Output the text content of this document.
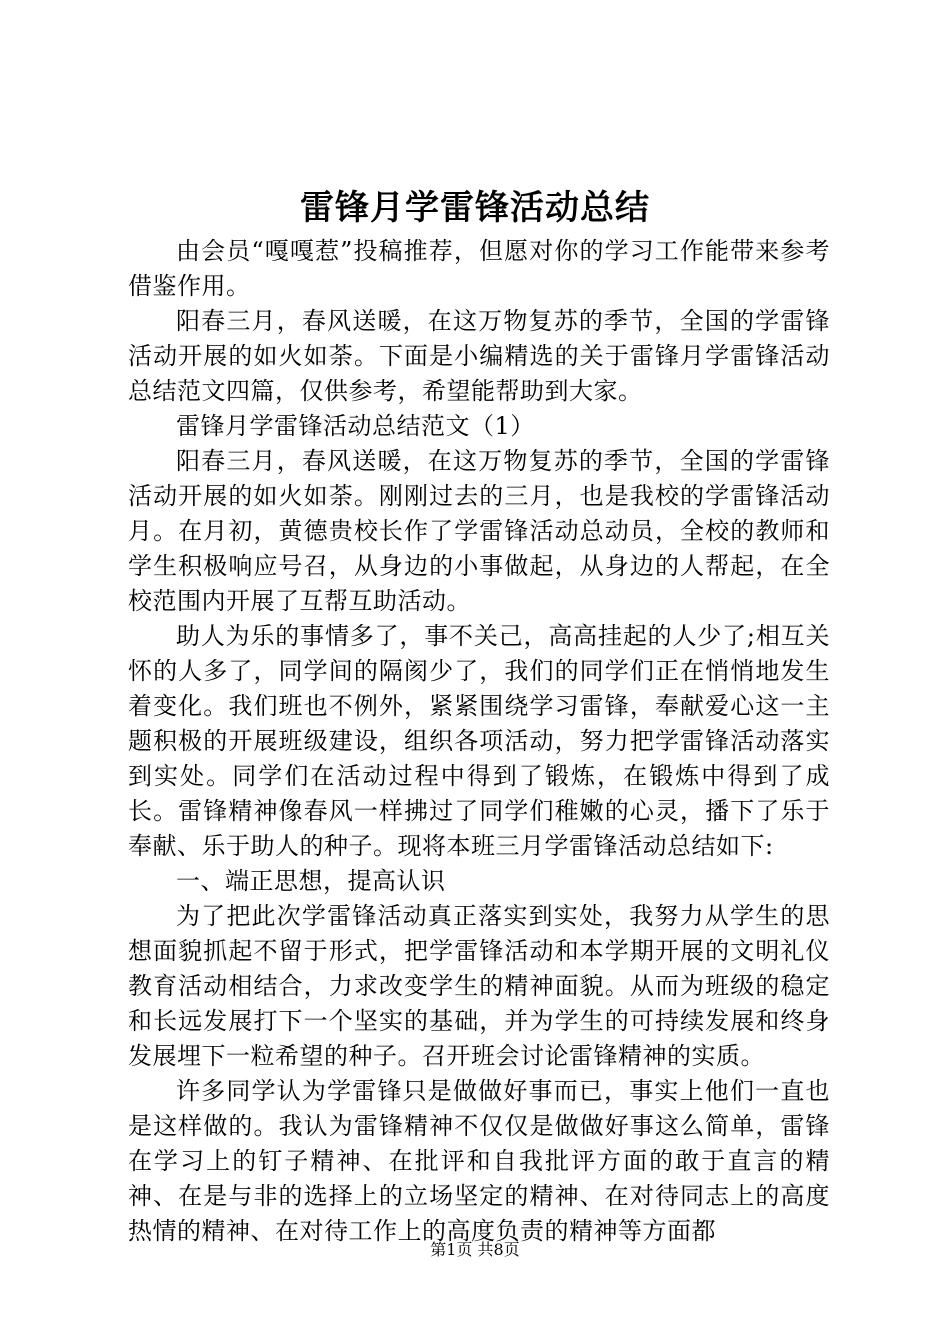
雷锋月学雷锋活动总结

由会员“嘎嘎惹”投稿推荐，但愿对你的学习工作能带来参考借鉴作用。

阳春三月，春风送暖，在这万物复苏的季节，全国的学雷锋活动开展的如火如荼。下面是小编精选的关于雷锋月学雷锋活动总结范文四篇，仅供参考，希望能帮助到大家。

雷锋月学雷锋活动总结范文（1）

阳春三月，春风送暖，在这万物复苏的季节，全国的学雷锋活动开展的如火如荼。刚刚过去的三月，也是我校的学雷锋活动月。在月初，黄德贵校长作了学雷锋活动总动员，全校的教师和学生积极响应号召，从身边的小事做起，从身边的人帮起，在全校范围内开展了互帮互助活动。

助人为乐的事情多了，事不关己，高高挂起的人少了;相互关怀的人多了，同学间的隔阂少了，我们的同学们正在悄悄地发生着变化。我们班也不例外，紧紧围绕学习雷锋，奉献爱心这一主题积极的开展班级建设，组织各项活动，努力把学雷锋活动落实到实处。同学们在活动过程中得到了锻炼，在锻炼中得到了成长。雷锋精神像春风一样拂过了同学们稚嫩的心灵，播下了乐于奉献、乐于助人的种子。现将本班三月学雷锋活动总结如下:

一、端正思想，提高认识

为了把此次学雷锋活动真正落实到实处，我努力从学生的思想面貌抓起不留于形式，把学雷锋活动和本学期开展的文明礼仪教育活动相结合，力求改变学生的精神面貌。从而为班级的稳定和长远发展打下一个坚实的基础，并为学生的可持续发展和终身发展埋下一粒希望的种子。召开班会讨论雷锋精神的实质。

许多同学认为学雷锋只是做做好事而已，事实上他们一直也是这样做的。我认为雷锋精神不仅仅是做做好事这么简单，雷锋在学习上的钉子精神、在批评和自我批评方面的敢于直言的精神、在是与非的选择上的立场坚定的精神、在对待同志上的高度热情的精神、在对待工作上的高度负责的精神等方面都

第1页 共8页
